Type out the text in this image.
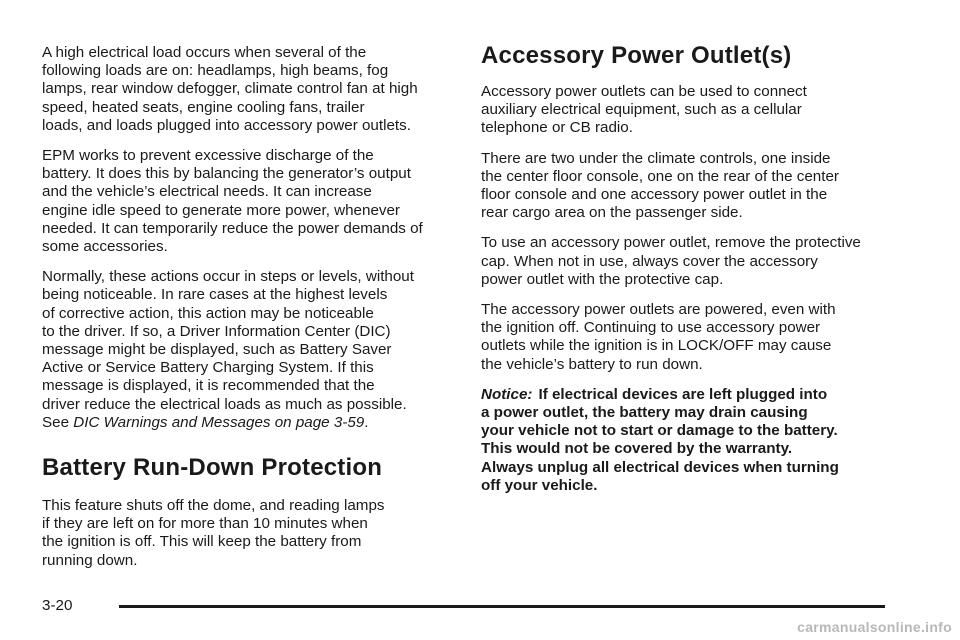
A high electrical load occurs when several of the
following loads are on: headlamps, high beams, fog
lamps, rear window defogger, climate control fan at high
speed, heated seats, engine cooling fans, trailer
loads, and loads plugged into accessory power outlets.

EPM works to prevent excessive discharge of the
battery. It does this by balancing the generator’s output
and the vehicle’s electrical needs. It can increase
engine idle speed to generate more power, whenever
needed. It can temporarily reduce the power demands of
some accessories.

Normally, these actions occur in steps or levels, without
being noticeable. In rare cases at the highest levels
of corrective action, this action may be noticeable
to the driver. If so, a Driver Information Center (DIC)
message might be displayed, such as Battery Saver
Active or Service Battery Charging System. If this
message is displayed, it is recommended that the
driver reduce the electrical loads as much as possible.
See DIC Warnings and Messages on page 3-59.

Battery Run-Down Protection

This feature shuts off the dome, and reading lamps
if they are left on for more than 10 minutes when
the ignition is off. This will keep the battery from
running down.

Accessory Power Outlet(s)

Accessory power outlets can be used to connect
auxiliary electrical equipment, such as a cellular
telephone or CB radio.

There are two under the climate controls, one inside
the center floor console, one on the rear of the center
floor console and one accessory power outlet in the
rear cargo area on the passenger side.

To use an accessory power outlet, remove the protective
cap. When not in use, always cover the accessory
power outlet with the protective cap.

The accessory power outlets are powered, even with
the ignition off. Continuing to use accessory power
outlets while the ignition is in LOCK/OFF may cause
the vehicle’s battery to run down.

Notice: If electrical devices are left plugged into
a power outlet, the battery may drain causing
your vehicle not to start or damage to the battery.
This would not be covered by the warranty.
Always unplug all electrical devices when turning
off your vehicle.

3-20
carmanualsonline.info
